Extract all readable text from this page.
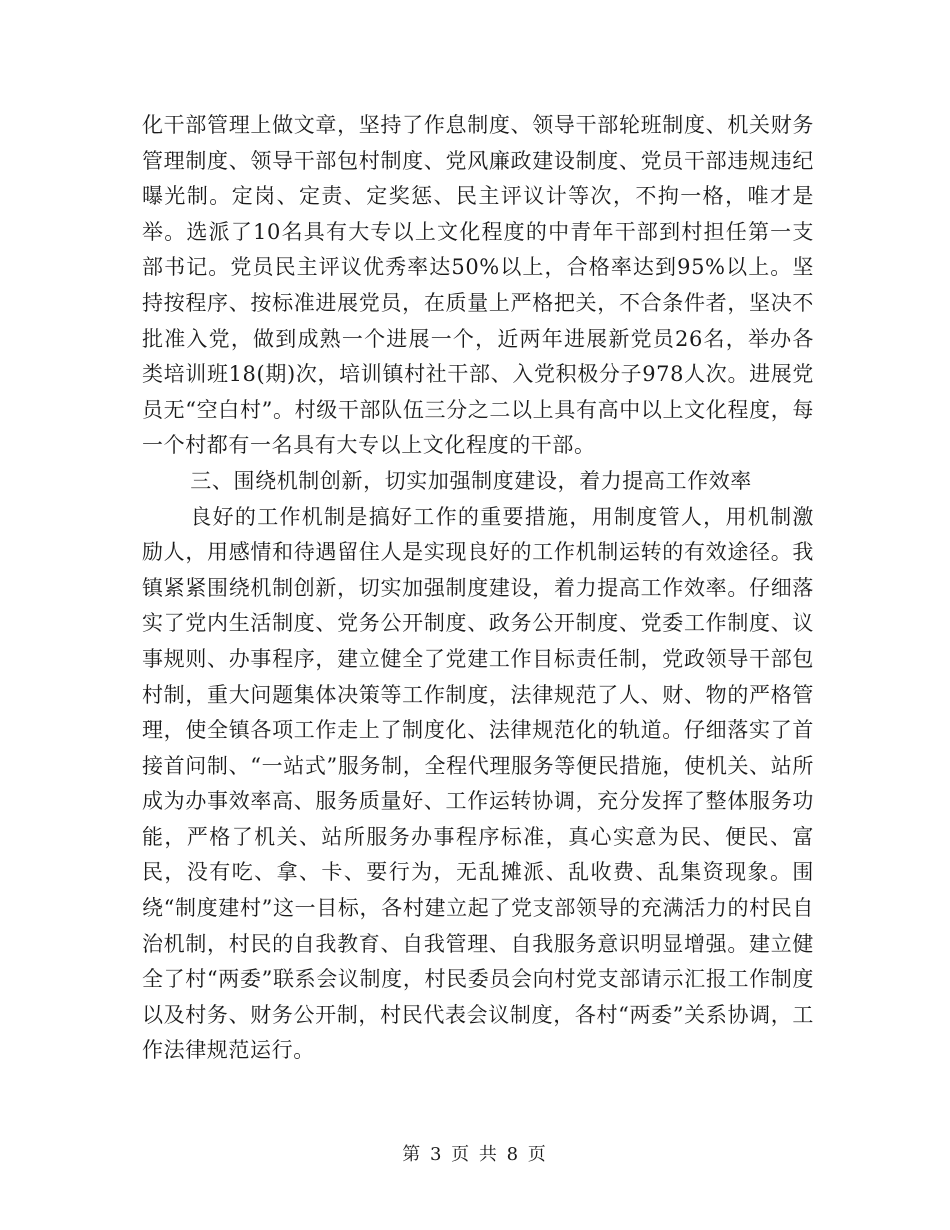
化干部管理上做文章，坚持了作息制度、领导干部轮班制度、机关财务管理制度、领导干部包村制度、党风廉政建设制度、党员干部违规违纪曝光制。定岗、定责、定奖惩、民主评议计等次，不拘一格，唯才是举。选派了10名具有大专以上文化程度的中青年干部到村担任第一支部书记。党员民主评议优秀率达50%以上，合格率达到95%以上。坚持按程序、按标准进展党员，在质量上严格把关，不合条件者，坚决不批准入党，做到成熟一个进展一个，近两年进展新党员26名，举办各类培训班18(期)次，培训镇村社干部、入党积极分子978人次。进展党员无“空白村”。村级干部队伍三分之二以上具有高中以上文化程度，每一个村都有一名具有大专以上文化程度的干部。

三、围绕机制创新，切实加强制度建设，着力提高工作效率

良好的工作机制是搞好工作的重要措施，用制度管人，用机制激励人，用感情和待遇留住人是实现良好的工作机制运转的有效途径。我镇紧紧围绕机制创新，切实加强制度建设，着力提高工作效率。仔细落实了党内生活制度、党务公开制度、政务公开制度、党委工作制度、议事规则、办事程序，建立健全了党建工作目标责任制，党政领导干部包村制，重大问题集体决策等工作制度，法律规范了人、财、物的严格管理，使全镇各项工作走上了制度化、法律规范化的轨道。仔细落实了首接首问制、“一站式”服务制，全程代理服务等便民措施，使机关、站所成为办事效率高、服务质量好、工作运转协调，充分发挥了整体服务功能，严格了机关、站所服务办事程序标准，真心实意为民、便民、富民，没有吃、拿、卡、要行为，无乱摊派、乱收费、乱集资现象。围绕“制度建村”这一目标，各村建立起了党支部领导的充满活力的村民自治机制，村民的自我教育、自我管理、自我服务意识明显增强。建立健全了村“两委”联系会议制度，村民委员会向村党支部请示汇报工作制度以及村务、财务公开制，村民代表会议制度，各村“两委”关系协调，工作法律规范运行。

第 3 页 共 8 页
